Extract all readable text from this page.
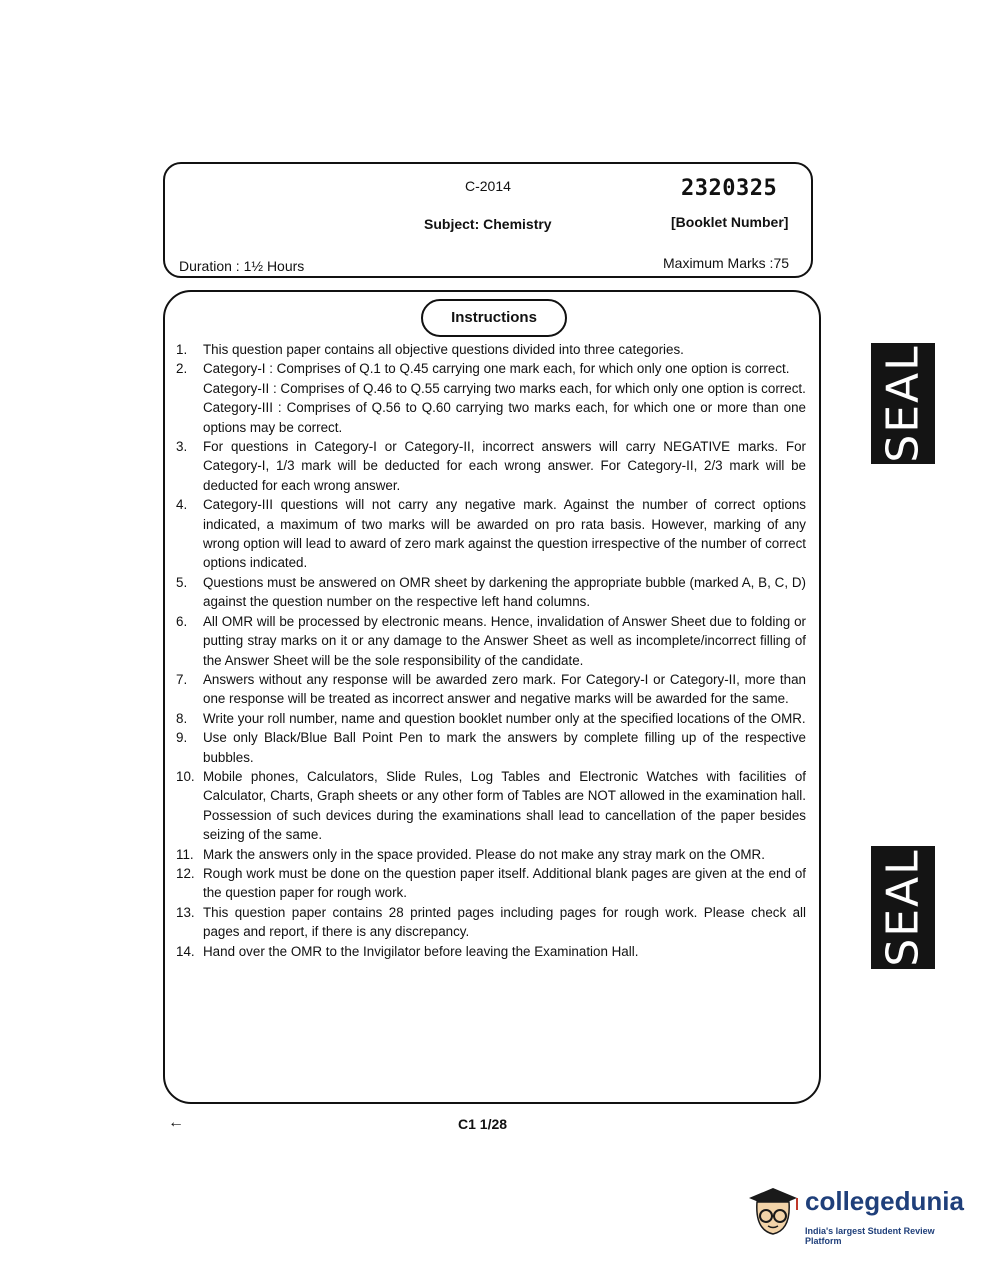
C-2014	2320325
[Booklet Number]
Subject: Chemistry
Duration : 1½ Hours	Maximum Marks :75
Instructions
1. This question paper contains all objective questions divided into three categories.

2. Category-I : Comprises of Q.1 to Q.45 carrying one mark each, for which only one option is correct.

Category-II : Comprises of Q.46 to Q.55 carrying two marks each, for which only one option is correct.

Category-III : Comprises of Q.56 to Q.60 carrying two marks each, for which one or more than one options may be correct.

3. For questions in Category-I or Category-II, incorrect answers will carry NEGATIVE marks. For Category-I, 1/3 mark will be deducted for each wrong answer. For Category-II, 2/3 mark will be deducted for each wrong answer.

4. Category-III questions will not carry any negative mark. Against the number of correct options indicated, a maximum of two marks will be awarded on pro rata basis. However, marking of any wrong option will lead to award of zero mark against the question irrespective of the number of correct options indicated.

5. Questions must be answered on OMR sheet by darkening the appropriate bubble (marked A, B, C, D) against the question number on the respective left hand columns.

6. All OMR will be processed by electronic means. Hence, invalidation of Answer Sheet due to folding or putting stray marks on it or any damage to the Answer Sheet as well as incomplete/incorrect filling of the Answer Sheet will be the sole responsibility of the candidate.

7. Answers without any response will be awarded zero mark. For Category-I or Category-II, more than one response will be treated as incorrect answer and negative marks will be awarded for the same.

8. Write your roll number, name and question booklet number only at the specified locations of the OMR.

9. Use only Black/Blue Ball Point Pen to mark the answers by complete filling up of the respective bubbles.

10. Mobile phones, Calculators, Slide Rules, Log Tables and Electronic Watches with facilities of Calculator, Charts, Graph sheets or any other form of Tables are NOT allowed in the examination hall. Possession of such devices during the examinations shall lead to cancellation of the paper besides seizing of the same.

11. Mark the answers only in the space provided. Please do not make any stray mark on the OMR.

12. Rough work must be done on the question paper itself. Additional blank pages are given at the end of the question paper for rough work.

13. This question paper contains 28 printed pages including pages for rough work. Please check all pages and report, if there is any discrepancy.

14. Hand over the OMR to the Invigilator before leaving the Examination Hall.

SEAL
SEAL
←	C1 1/28
collegedunia
India's largest Student Review Platform
